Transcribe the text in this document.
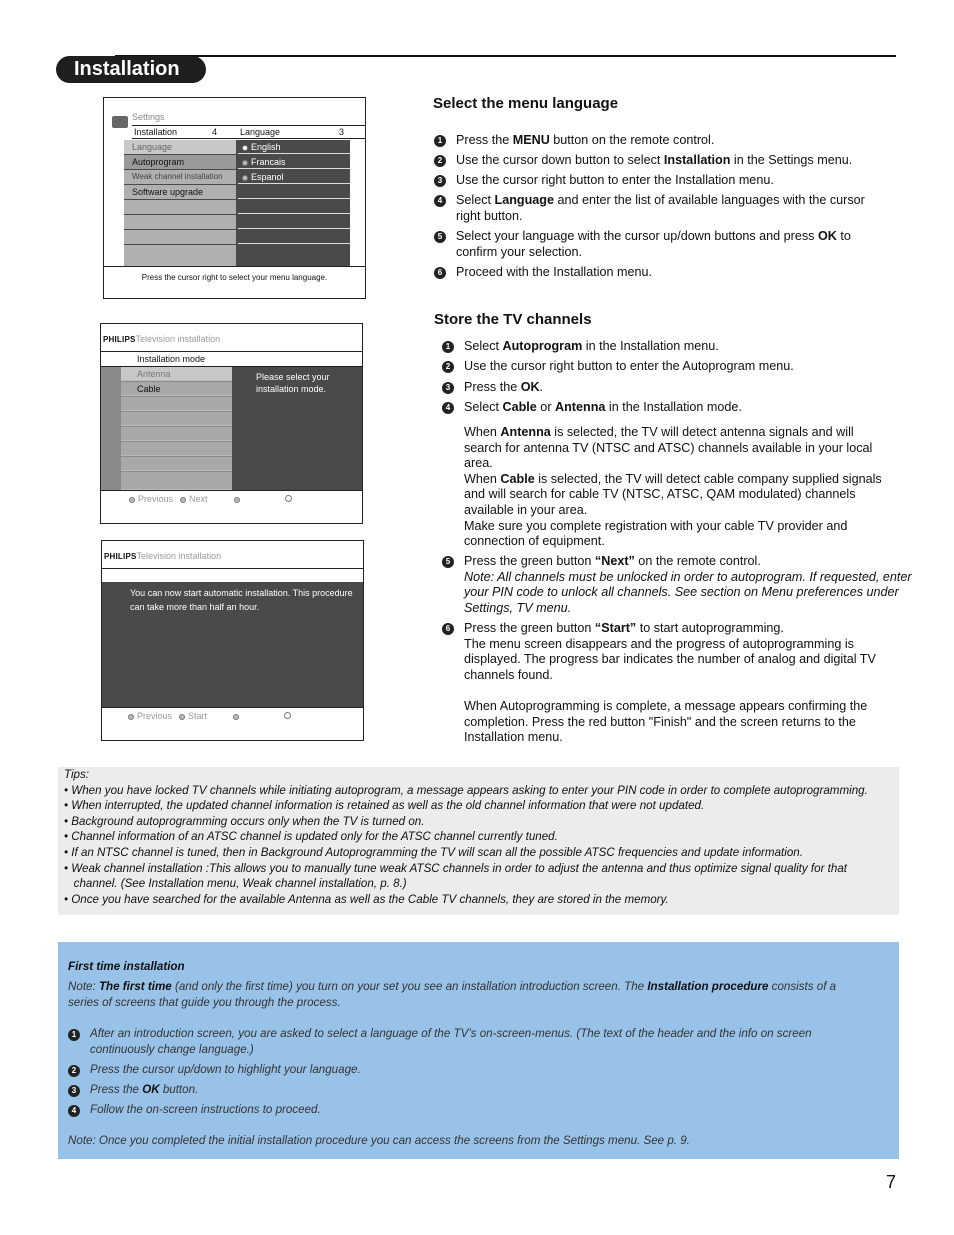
Installation
Settings
Installation	4	Language	3
Language
Autoprogram
Weak channel installation
Software upgrade
English
Francais
Espanol
Press the cursor right to select your menu language.
PHILIPSTelevision installation
Installation mode
Antenna
Cable
Please select your installation mode.
Previous	Next
PHILIPSTelevision installation
You can now start automatic installation. This procedure can take more than half an hour.
Previous	Start
Select the menu language
1	Press the MENU button on the remote control.
2	Use the cursor down button to select Installation in the Settings menu.
3	Use the cursor right button to enter the Installation menu.
4	Select Language and enter the list of available languages with the cursor
right button.
5	Select your language with the cursor up/down buttons and press OK to
confirm your selection.
6	Proceed with the Installation menu.
Store the TV channels
1	Select Autoprogram in the Installation menu.
2	Use the cursor right button to enter the Autoprogram menu.
3	Press the OK.
4	Select Cable or Antenna in the Installation mode.
When Antenna is selected, the TV will detect antenna signals and will
search for antenna TV (NTSC and ATSC) channels available in your local
area.
When Cable is selected, the TV will detect cable company supplied signals
and will search for cable TV (NTSC, ATSC, QAM modulated) channels
available in your area.
Make sure you complete registration with your cable TV provider and
connection of equipment.
5	Press the green button “Next” on the remote control.
Note: All channels must be unlocked in order to autoprogram. If requested, enter
your PIN code to unlock all channels. See section on Menu preferences under
Settings, TV menu.
6	Press the green button “Start” to start autoprogramming.
The menu screen disappears and the progress of autoprogramming is
displayed. The progress bar indicates the number of analog and digital TV
channels found.

When Autoprogramming is complete, a message appears confirming the
completion. Press the red button "Finish" and the screen returns to the
Installation menu.
Tips:
• When you have locked TV channels while initiating autoprogram, a message appears asking to enter your PIN code in order to complete autoprogramming.
• When interrupted, the updated channel information is retained as well as the old channel information that were not updated.
• Background autoprogramming occurs only when the TV is turned on.
• Channel information of an ATSC channel is updated only for the ATSC channel currently tuned.
• If an NTSC channel is tuned, then in Background Autoprogramming the TV will scan all the possible ATSC frequencies and update information.
• Weak channel installation :This allows you to manually tune weak ATSC channels in order to adjust the antenna and thus optimize signal quality for that
channel. (See Installation menu, Weak channel installation, p. 8.)
• Once you have searched for the available Antenna as well as the Cable TV channels, they are stored in the memory.
First time installation
Note: The first time (and only the first time) you turn on your set you see an installation introduction screen. The Installation procedure consists of a
series of screens that guide you through the process.
1	After an introduction screen, you are asked to select a language of the TV’s on-screen-menus. (The text of the header and the info on screen
continuously change language.)
2	Press the cursor up/down to highlight your language.
3	Press the OK button.
4	Follow the on-screen instructions to proceed.
Note: Once you completed the initial installation procedure you can access the screens from the Settings menu. See p. 9.
7
